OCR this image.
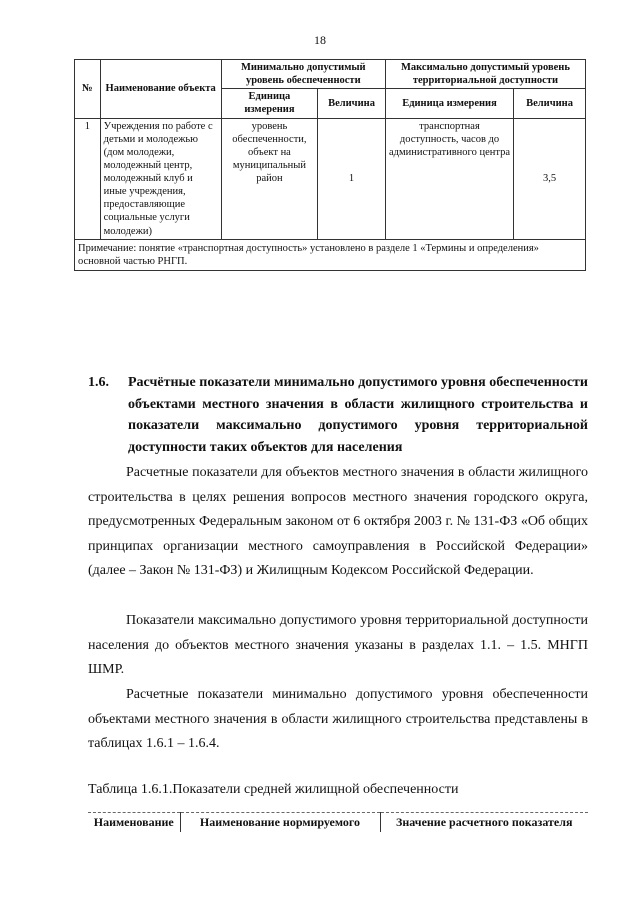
18
№	Наименование объекта	Минимально допустимый уровень обеспеченности		Максимально допустимый уровень территориальной доступности	
		Единица измерения	Величина	Единица измерения	Величина
1	Учреждения по работе с детьми и молодежью (дом молодежи, молодежный центр, молодежный клуб и иные учреждения, предоставляющие социальные услуги молодежи)	уровень обеспеченности, объект на муниципальный район	1	транспортная доступность, часов до административного центра	3,5
Примечание: понятие «транспортная доступность» установлено в разделе 1 «Термины и определения» основной частью РНГП.					
1.6. Расчётные показатели минимально допустимого уровня обеспеченности объектами местного значения в области жилищного строительства и показатели максимально допустимого уровня территориальной доступности таких объектов для населения
Расчетные показатели для объектов местного значения в области жилищного строительства в целях решения вопросов местного значения городского округа, предусмотренных Федеральным законом от 6 октября 2003 г. № 131-ФЗ «Об общих принципах организации местного самоуправления в Российской Федерации» (далее – Закон № 131-ФЗ) и Жилищным Кодексом Российской Федерации.
Показатели максимально допустимого уровня территориальной доступности населения до объектов местного значения указаны в разделах 1.1. – 1.5. МНГП ШМР.
Расчетные показатели минимально допустимого уровня обеспеченности объектами местного значения в области жилищного строительства представлены в таблицах 1.6.1 – 1.6.4.
Таблица 1.6.1.Показатели средней жилищной обеспеченности
Наименование	Наименование нормируемого	Значение расчетного показателя
